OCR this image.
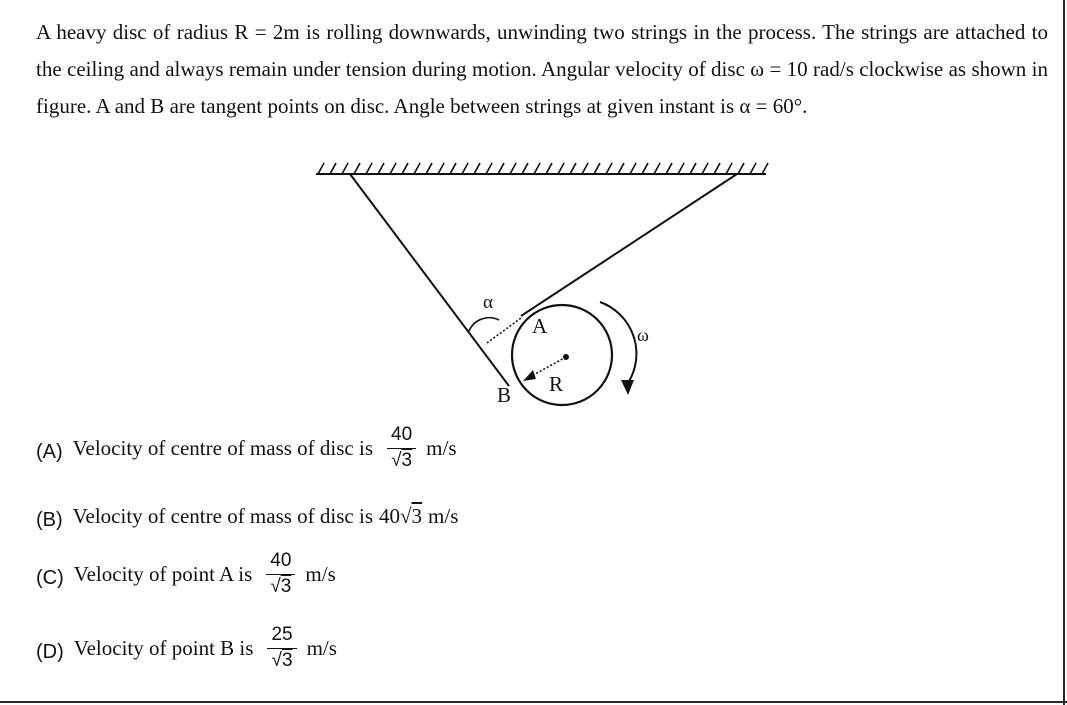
A heavy disc of radius R = 2m is rolling downwards, unwinding two strings in the process. The strings are attached to the ceiling and always remain under tension during motion. Angular velocity of disc ω = 10 rad/s clockwise as shown in figure. A and B are tangent points on disc. Angle between strings at given instant is α = 60°.

α
A
B R
ω
(A) Velocity of centre of mass of disc is $\frac{40}{√3} m/s$
(B) Velocity of centre of mass of disc is 40 √ 3 m/s
(C) Velocity of point A is $\frac{40}{√3} m/s$
(D) Velocity of point B is $\frac{25}{√3} m/s$
